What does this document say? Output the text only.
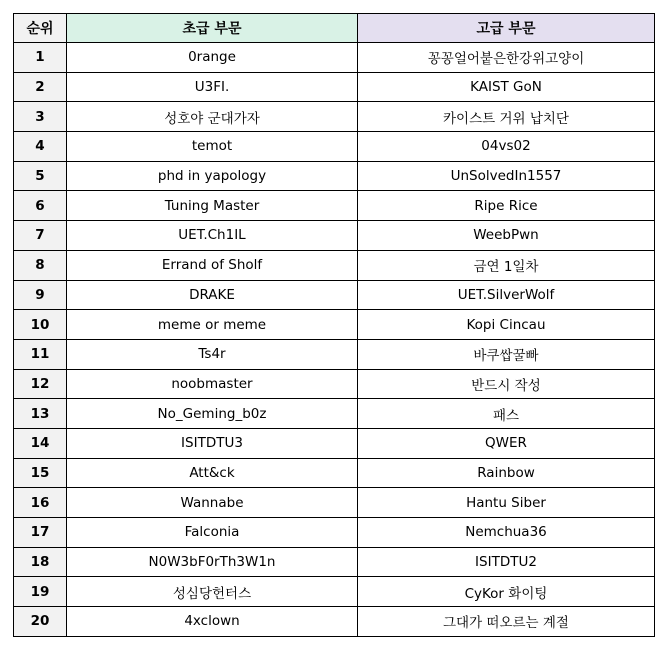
순위	초급 부문	고급 부문
1	0range	꽁꽁얼어붙은한강위고양이
2	U3FI.	KAIST GoN
3	성호야 군대가자	카이스트 거위 납치단
4	temot	04vs02
5	phd in yapology	UnSolvedIn1557
6	Tuning Master	Ripe Rice
7	UET.Ch1IL	WeebPwn
8	Errand of Sholf	금연 1일차
9	DRAKE	UET.SilverWolf
10	meme or meme	Kopi Cincau
11	Ts4r	바쿠쌉꿀빠
12	noobmaster	반드시 작성
13	No_Geming_b0z	패스
14	ISITDTU3	QWER
15	Att&ck	Rainbow
16	Wannabe	Hantu Siber
17	Falconia	Nemchua36
18	N0W3bF0rTh3W1n	ISITDTU2
19	성심당헌터스	CyKor 화이팅
20	4xclown	그대가 떠오르는 계절
